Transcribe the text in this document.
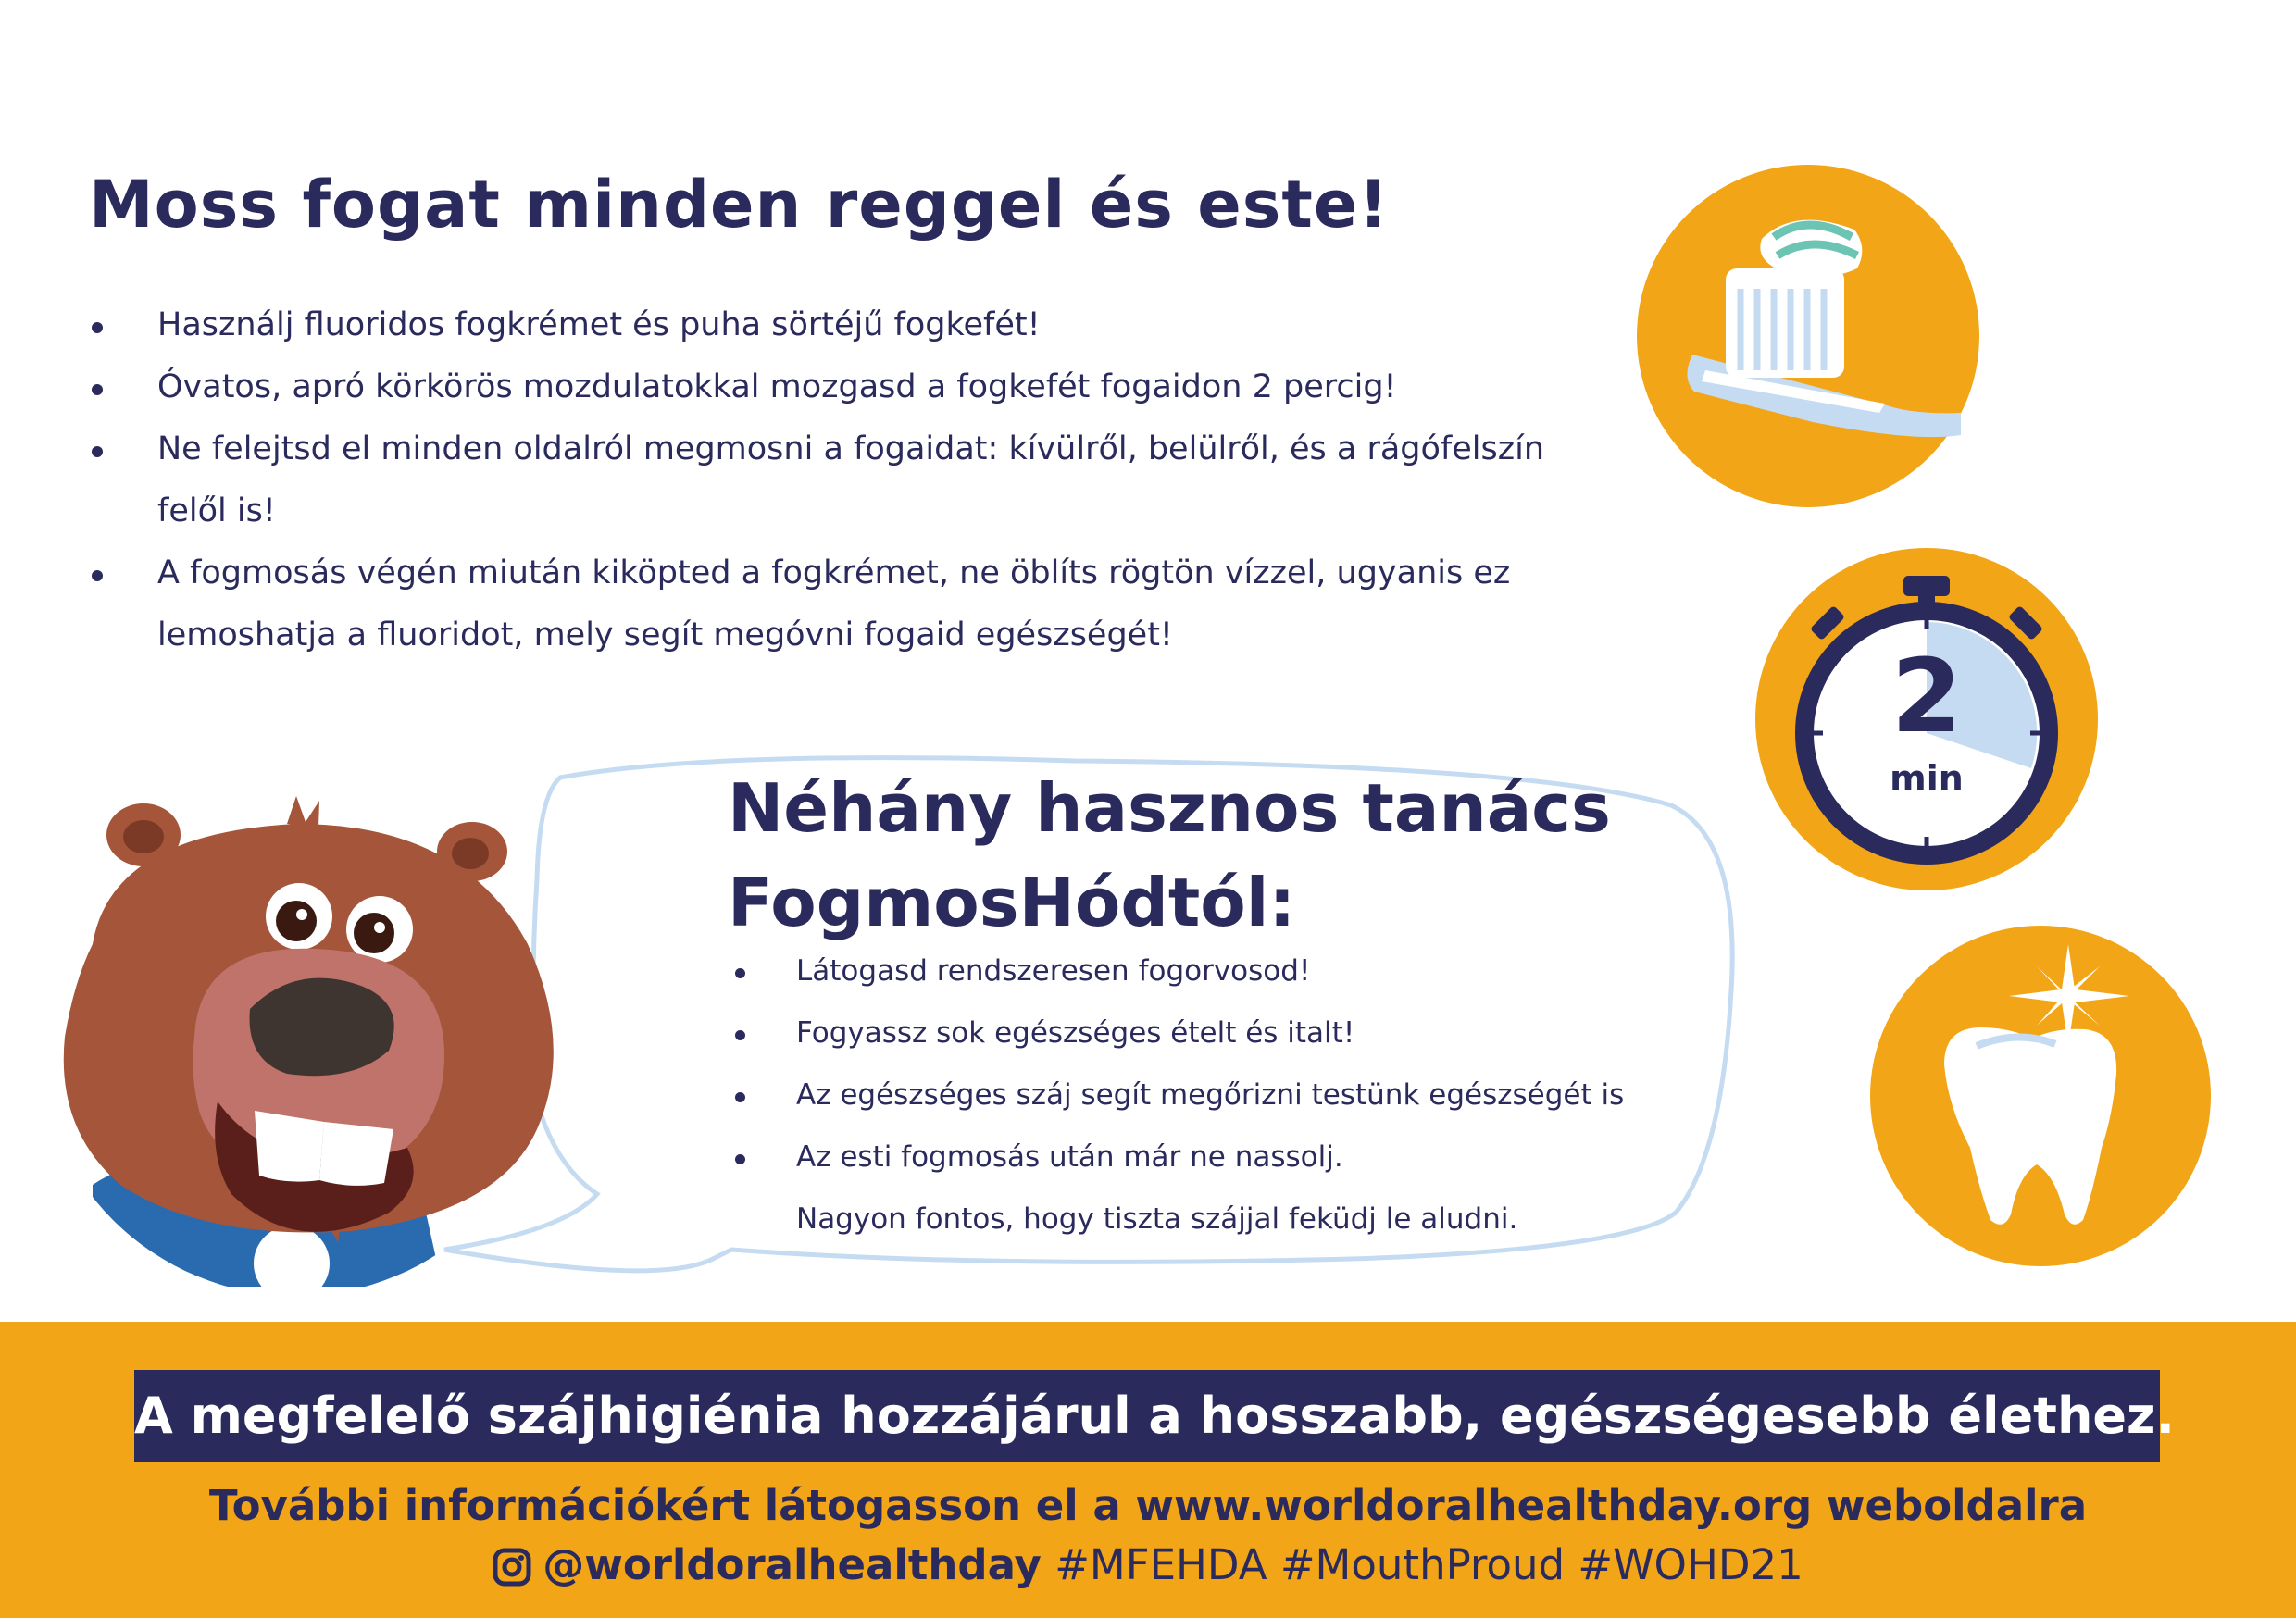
Moss fogat minden reggel és este!
Használj fluoridos fogkrémet és puha sörtéjű fogkefét!
Óvatos, apró körkörös mozdulatokkal mozgasd a fogkefét fogaidon 2 percig!
Ne felejtsd el minden oldalról megmosni a fogaidat: kívülről, belülről, és a rágófelszín felől is!
A fogmosás végén miután kiköpted a fogkrémet, ne öblíts rögtön vízzel, ugyanis ez lemoshatja a fluoridot, mely segít megóvni fogaid egészségét!
2
min
Néhány hasznos tanács
FogmosHódtól:
Látogasd rendszeresen fogorvosod!
Fogyassz sok egészséges ételt és italt!
Az egészséges száj segít megőrizni testünk egészségét is
Az esti fogmosás után már ne nassolj.
Nagyon fontos, hogy tiszta szájjal feküdj le aludni.
A megfelelő szájhigiénia hozzájárul a hosszabb, egészségesebb élethez.
További információkért látogasson el a www.worldoralhealthday.org weboldalra
@worldoralhealthday #MFEHDA #MouthProud #WOHD21
